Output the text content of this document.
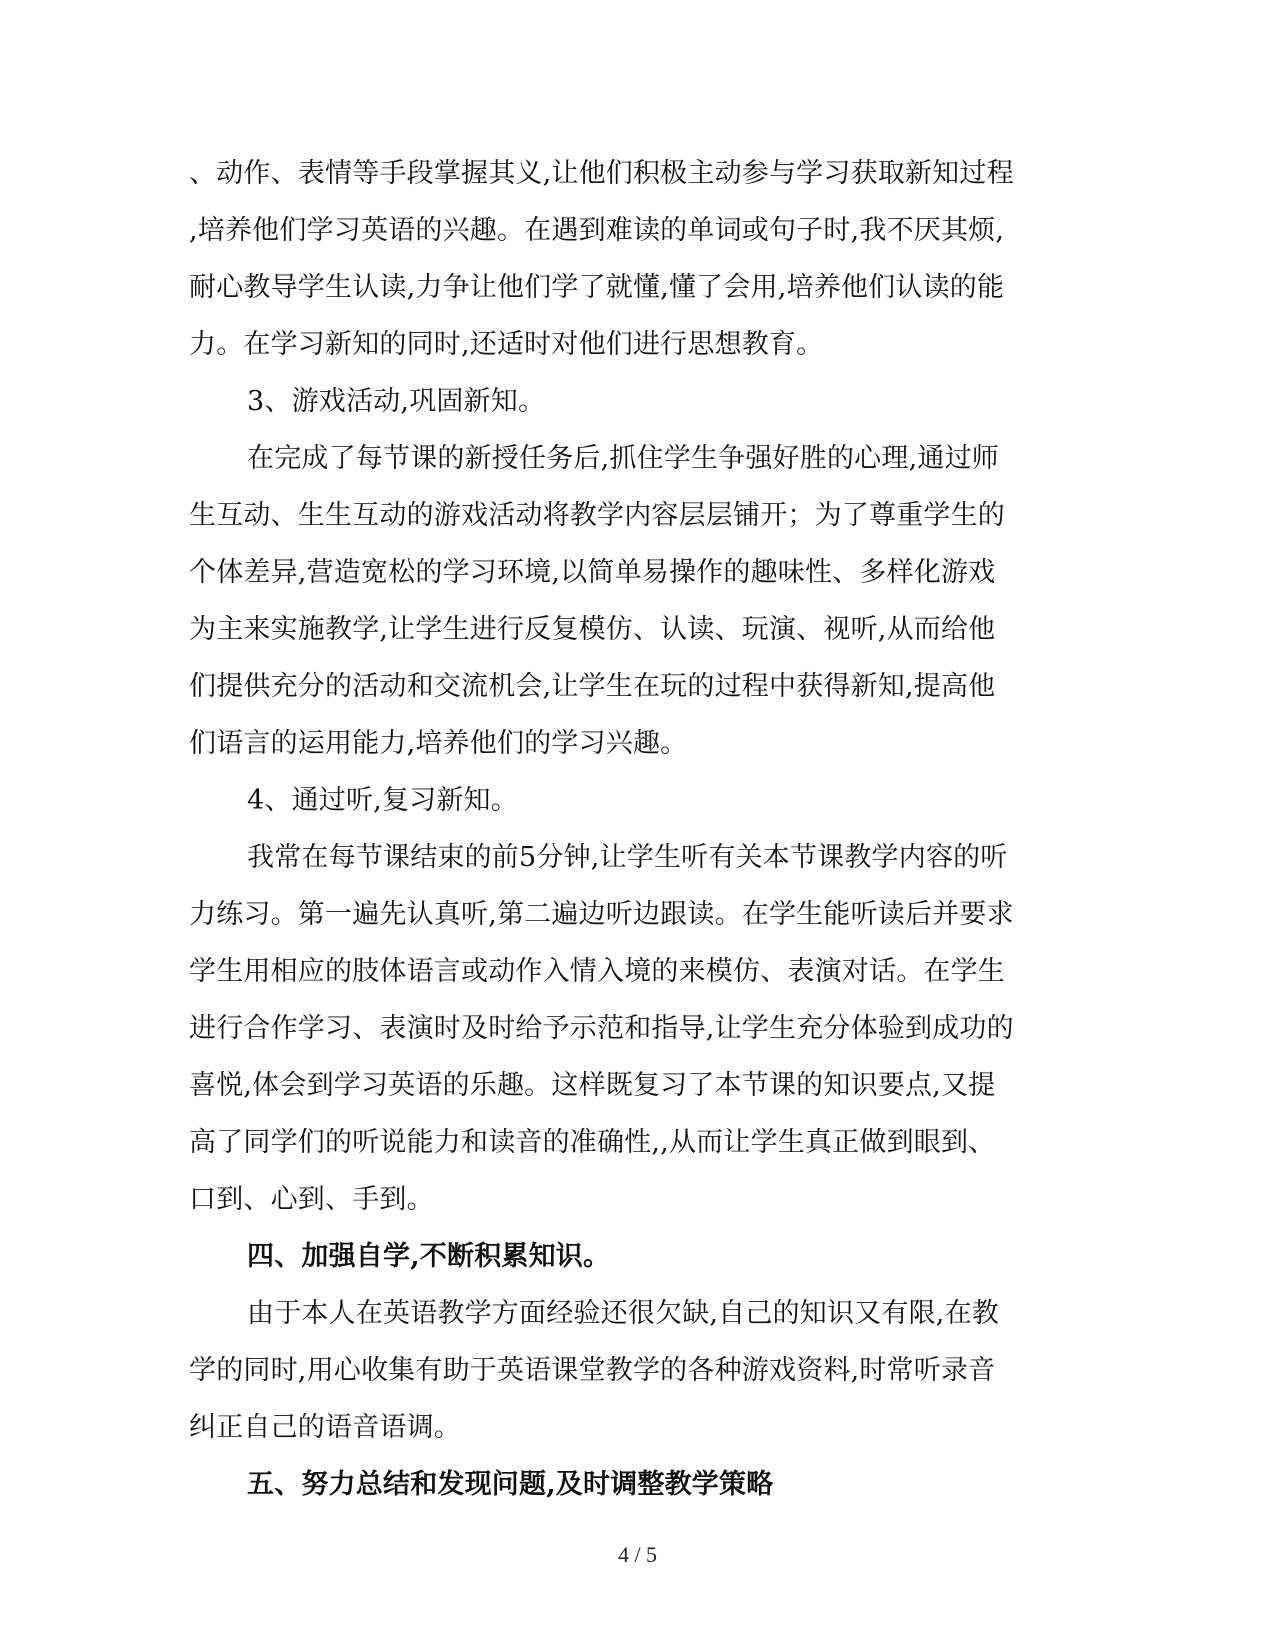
、动作、表情等手段掌握其义,让他们积极主动参与学习获取新知过程
,培养他们学习英语的兴趣。在遇到难读的单词或句子时,我不厌其烦,
耐心教导学生认读,力争让他们学了就懂,懂了会用,培养他们认读的能
力。在学习新知的同时,还适时对他们进行思想教育。
3、游戏活动,巩固新知。
在完成了每节课的新授任务后,抓住学生争强好胜的心理,通过师
生互动、生生互动的游戏活动将教学内容层层铺开；为了尊重学生的
个体差异,营造宽松的学习环境,以简单易操作的趣味性、多样化游戏
为主来实施教学,让学生进行反复模仿、认读、玩演、视听,从而给他
们提供充分的活动和交流机会,让学生在玩的过程中获得新知,提高他
们语言的运用能力,培养他们的学习兴趣。
4、通过听,复习新知。
我常在每节课结束的前5分钟,让学生听有关本节课教学内容的听
力练习。第一遍先认真听,第二遍边听边跟读。在学生能听读后并要求
学生用相应的肢体语言或动作入情入境的来模仿、表演对话。在学生
进行合作学习、表演时及时给予示范和指导,让学生充分体验到成功的
喜悦,体会到学习英语的乐趣。这样既复习了本节课的知识要点,又提
高了同学们的听说能力和读音的准确性,,从而让学生真正做到眼到、
口到、心到、手到。
四、加强自学,不断积累知识。
由于本人在英语教学方面经验还很欠缺,自己的知识又有限,在教
学的同时,用心收集有助于英语课堂教学的各种游戏资料,时常听录音
纠正自己的语音语调。
五、努力总结和发现问题,及时调整教学策略
4 / 5
